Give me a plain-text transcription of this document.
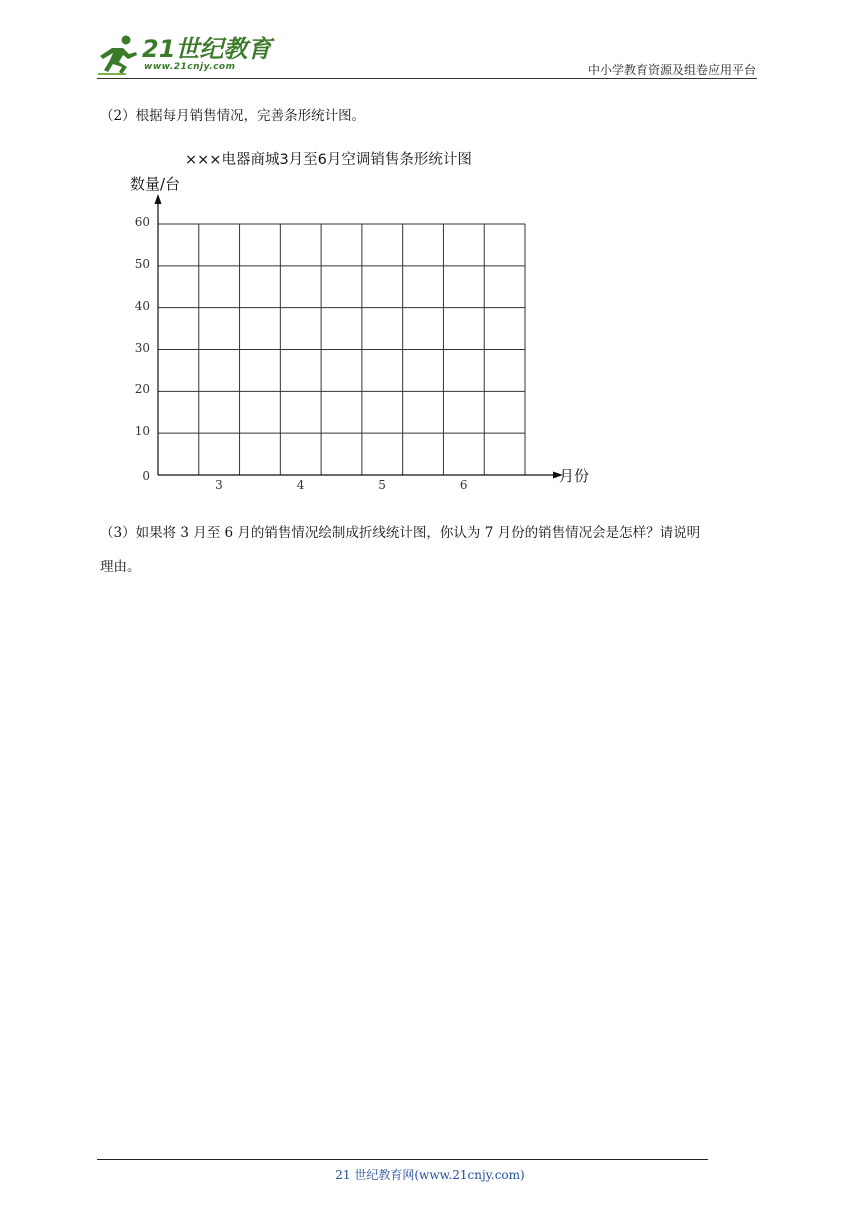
21世纪教育
www.21cnjy.com	中小学教育资源及组卷应用平台
（2）根据每月销售情况，完善条形统计图。
×××电器商城3月至6月空调销售条形统计图
数量/台
月份
0
10
20
30
40
50
60
3	4	5	6
（3）如果将 3 月至 6 月的销售情况绘制成折线统计图，你认为 7 月份的销售情况会是怎样？请说明
理由。
21 世纪教育网(www.21cnjy.com)
